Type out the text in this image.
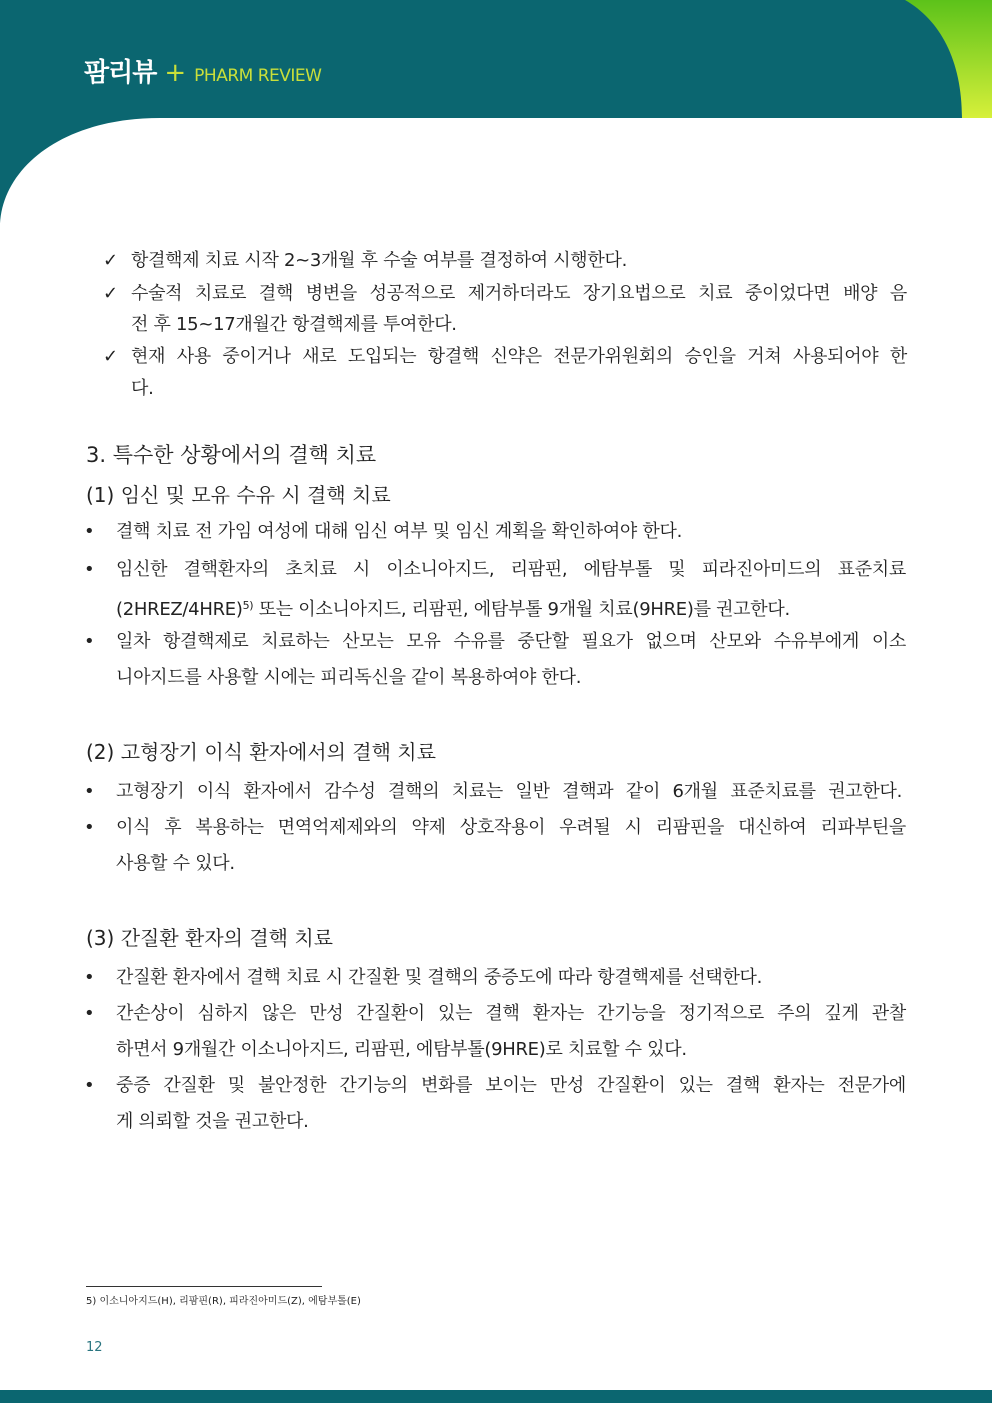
팜리뷰 + PHARM REVIEW
✓ 항결핵제 치료 시작 2~3개월 후 수술 여부를 결정하여 시행한다.
✓ 수술적 치료로 결핵 병변을 성공적으로 제거하더라도 장기요법으로 치료 중이었다면 배양 음
전 후 15~17개월간 항결핵제를 투여한다.
✓ 현재 사용 중이거나 새로 도입되는 항결핵 신약은 전문가위원회의 승인을 거쳐 사용되어야 한
다.
3. 특수한 상황에서의 결핵 치료
(1) 임신 및 모유 수유 시 결핵 치료
• 결핵 치료 전 가임 여성에 대해 임신 여부 및 임신 계획을 확인하여야 한다.
• 임신한 결핵환자의 초치료 시 이소니아지드, 리팜핀, 에탐부톨 및 피라진아미드의 표준치료
(2HREZ/4HRE)$^{5)}$ 또는 이소니아지드, 리팜핀, 에탐부톨 9개월 치료(9HRE)를 권고한다.
• 일차 항결핵제로 치료하는 산모는 모유 수유를 중단할 필요가 없으며 산모와 수유부에게 이소
니아지드를 사용할 시에는 피리독신을 같이 복용하여야 한다.
(2) 고형장기 이식 환자에서의 결핵 치료
• 고형장기 이식 환자에서 감수성 결핵의 치료는 일반 결핵과 같이 6개월 표준치료를 권고한다.
• 이식 후 복용하는 면역억제제와의 약제 상호작용이 우려될 시 리팜핀을 대신하여 리파부틴을
사용할 수 있다.
(3) 간질환 환자의 결핵 치료
• 간질환 환자에서 결핵 치료 시 간질환 및 결핵의 중증도에 따라 항결핵제를 선택한다.
• 간손상이 심하지 않은 만성 간질환이 있는 결핵 환자는 간기능을 정기적으로 주의 깊게 관찰
하면서 9개월간 이소니아지드, 리팜핀, 에탐부톨(9HRE)로 치료할 수 있다.
• 중증 간질환 및 불안정한 간기능의 변화를 보이는 만성 간질환이 있는 결핵 환자는 전문가에
게 의뢰할 것을 권고한다.
5) 이소니아지드(H), 리팜핀(R), 피라진아미드(Z), 에탐부톨(E)
12
